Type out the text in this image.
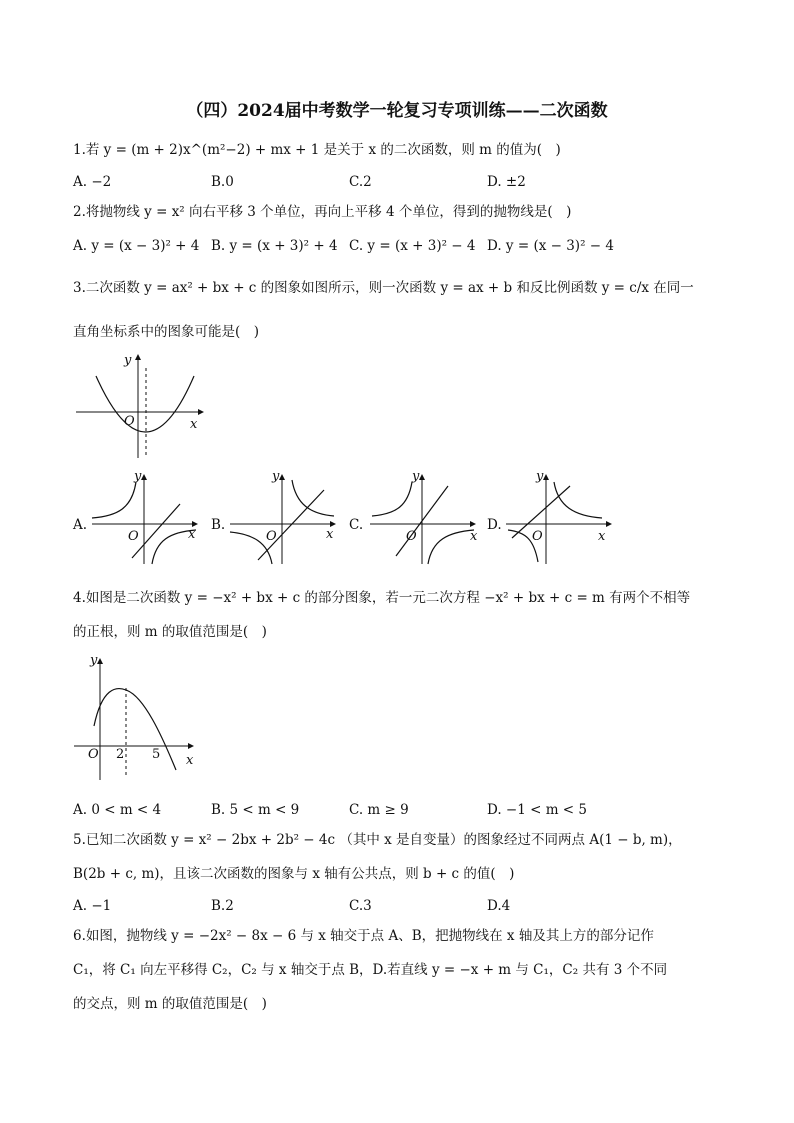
（四）2024届中考数学一轮复习专项训练——二次函数
1.若 y = (m + 2)x^(m²−2) + mx + 1 是关于 x 的二次函数，则 m 的值为(　)
A. −2	B.0	C.2	D. ±2
2.将抛物线 y = x² 向右平移 3 个单位，再向上平移 4 个单位，得到的抛物线是(　)
A. y = (x − 3)² + 4 B. y = (x + 3)² + 4 C. y = (x + 3)² − 4 D. y = (x − 3)² − 4
3.二次函数 y = ax² + bx + c 的图象如图所示，则一次函数 y = ax + b 和反比例函数 y = c/x 在同一
直角坐标系中的图象可能是(　)
O	x
y
A.
O	x
y
B.
O	x
y
C.
O	x
y
D.
O	x
y
4.如图是二次函数 y = −x² + bx + c 的部分图象，若一元二次方程 −x² + bx + c = m 有两个不相等
的正根，则 m 的取值范围是(　)
O 2 5 x
y
A. 0 < m < 4	B. 5 < m < 9	C. m ≥ 9	D. −1 < m < 5
5.已知二次函数 y = x² − 2bx + 2b² − 4c （其中 x 是自变量）的图象经过不同两点 A(1 − b, m)，
B(2b + c, m)，且该二次函数的图象与 x 轴有公共点，则 b + c 的值(　)
A. −1	B.2	C.3	D.4
6.如图，抛物线 y = −2x² − 8x − 6 与 x 轴交于点 A、B，把抛物线在 x 轴及其上方的部分记作
C₁，将 C₁ 向左平移得 C₂，C₂ 与 x 轴交于点 B，D.若直线 y = −x + m 与 C₁，C₂ 共有 3 个不同
的交点，则 m 的取值范围是(　)
